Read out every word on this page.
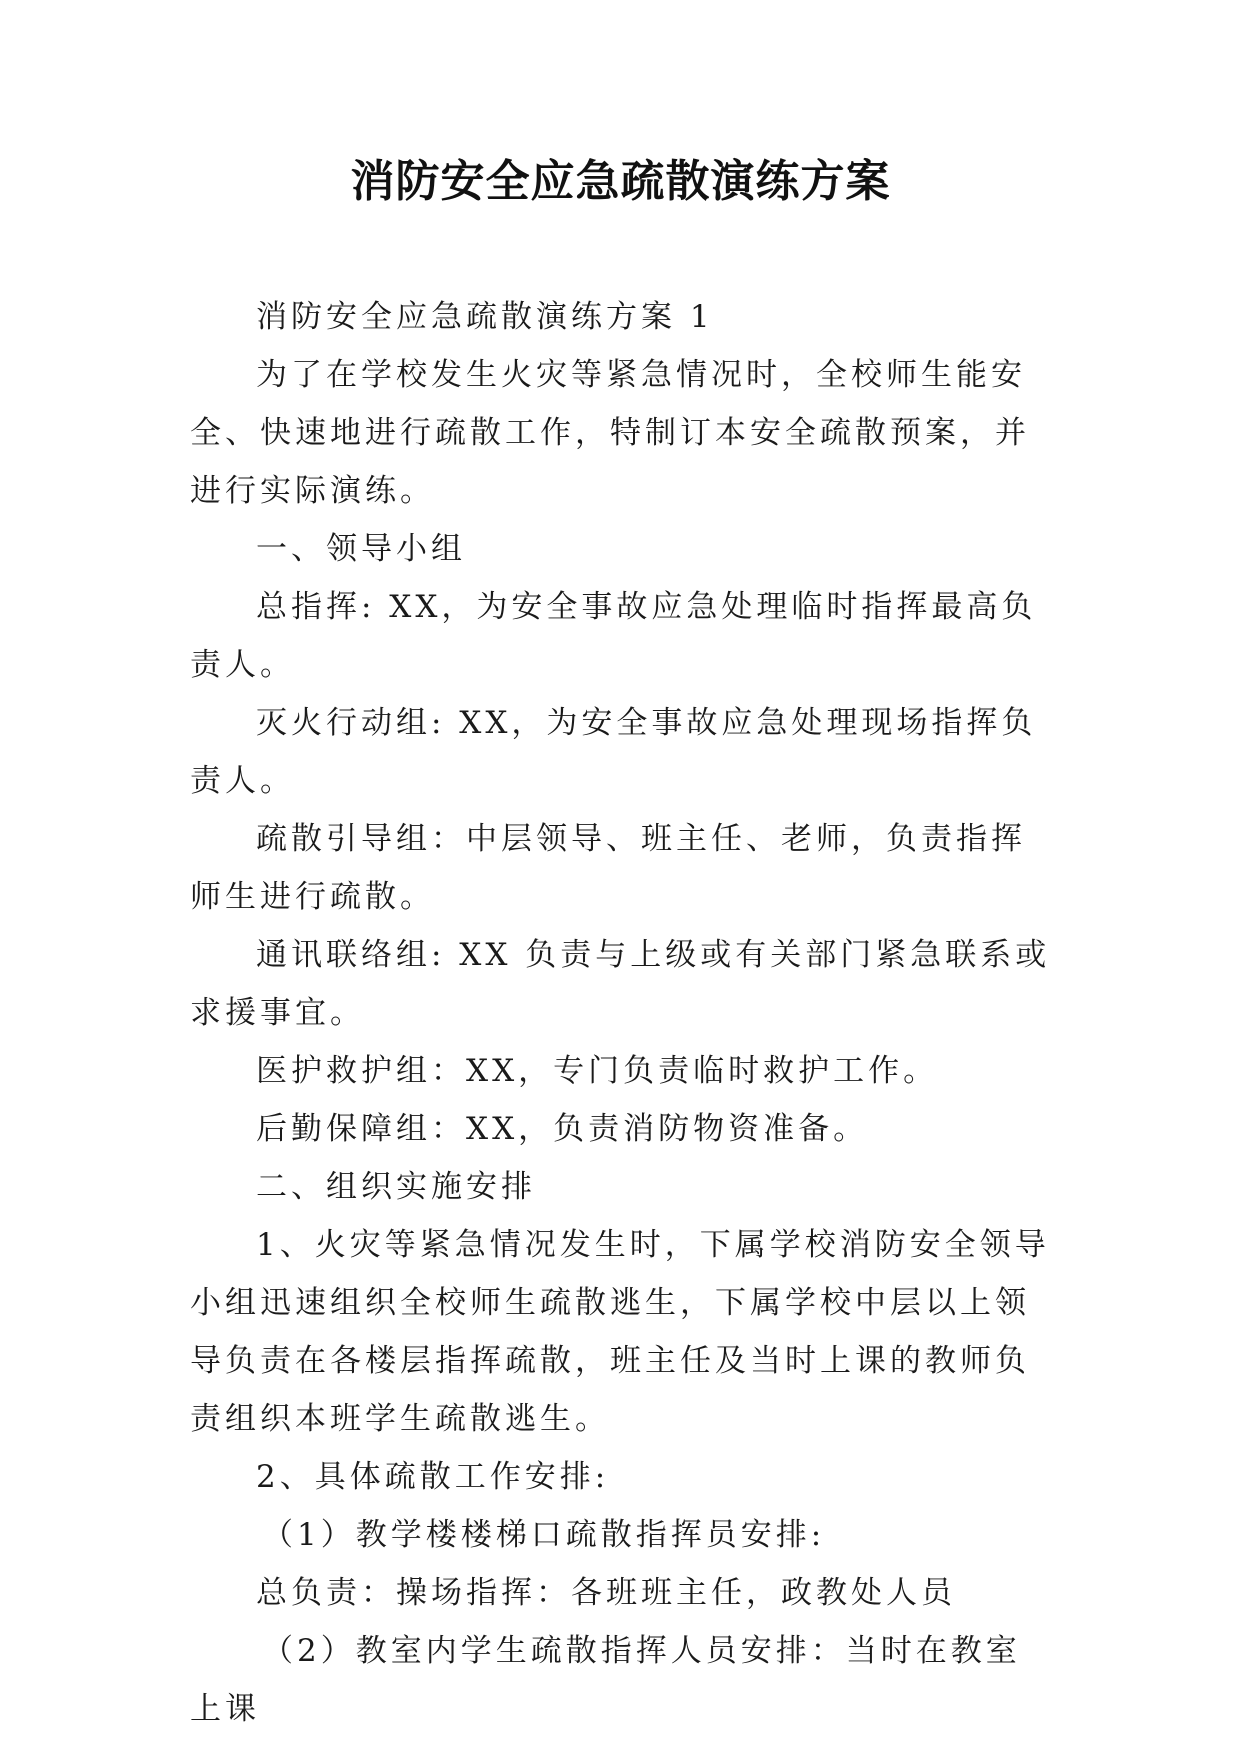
消防安全应急疏散演练方案

消防安全应急疏散演练方案 1

为了在学校发生火灾等紧急情况时，全校师生能安全、快速地进行疏散工作，特制订本安全疏散预案，并进行实际演练。

一、领导小组

总指挥: XX，为安全事故应急处理临时指挥最高负责人。

灭火行动组: XX，为安全事故应急处理现场指挥负责人。

疏散引导组：中层领导、班主任、老师，负责指挥师生进行疏散。

通讯联络组: XX 负责与上级或有关部门紧急联系或求援事宜。

医护救护组：XX，专门负责临时救护工作。

后勤保障组：XX，负责消防物资准备。

二、组织实施安排

1、火灾等紧急情况发生时，下属学校消防安全领导小组迅速组织全校师生疏散逃生，下属学校中层以上领导负责在各楼层指挥疏散，班主任及当时上课的教师负责组织本班学生疏散逃生。

2、具体疏散工作安排:

（1）教学楼楼梯口疏散指挥员安排:

总负责：操场指挥：各班班主任，政教处人员

（2）教室内学生疏散指挥人员安排：当时在教室上课
